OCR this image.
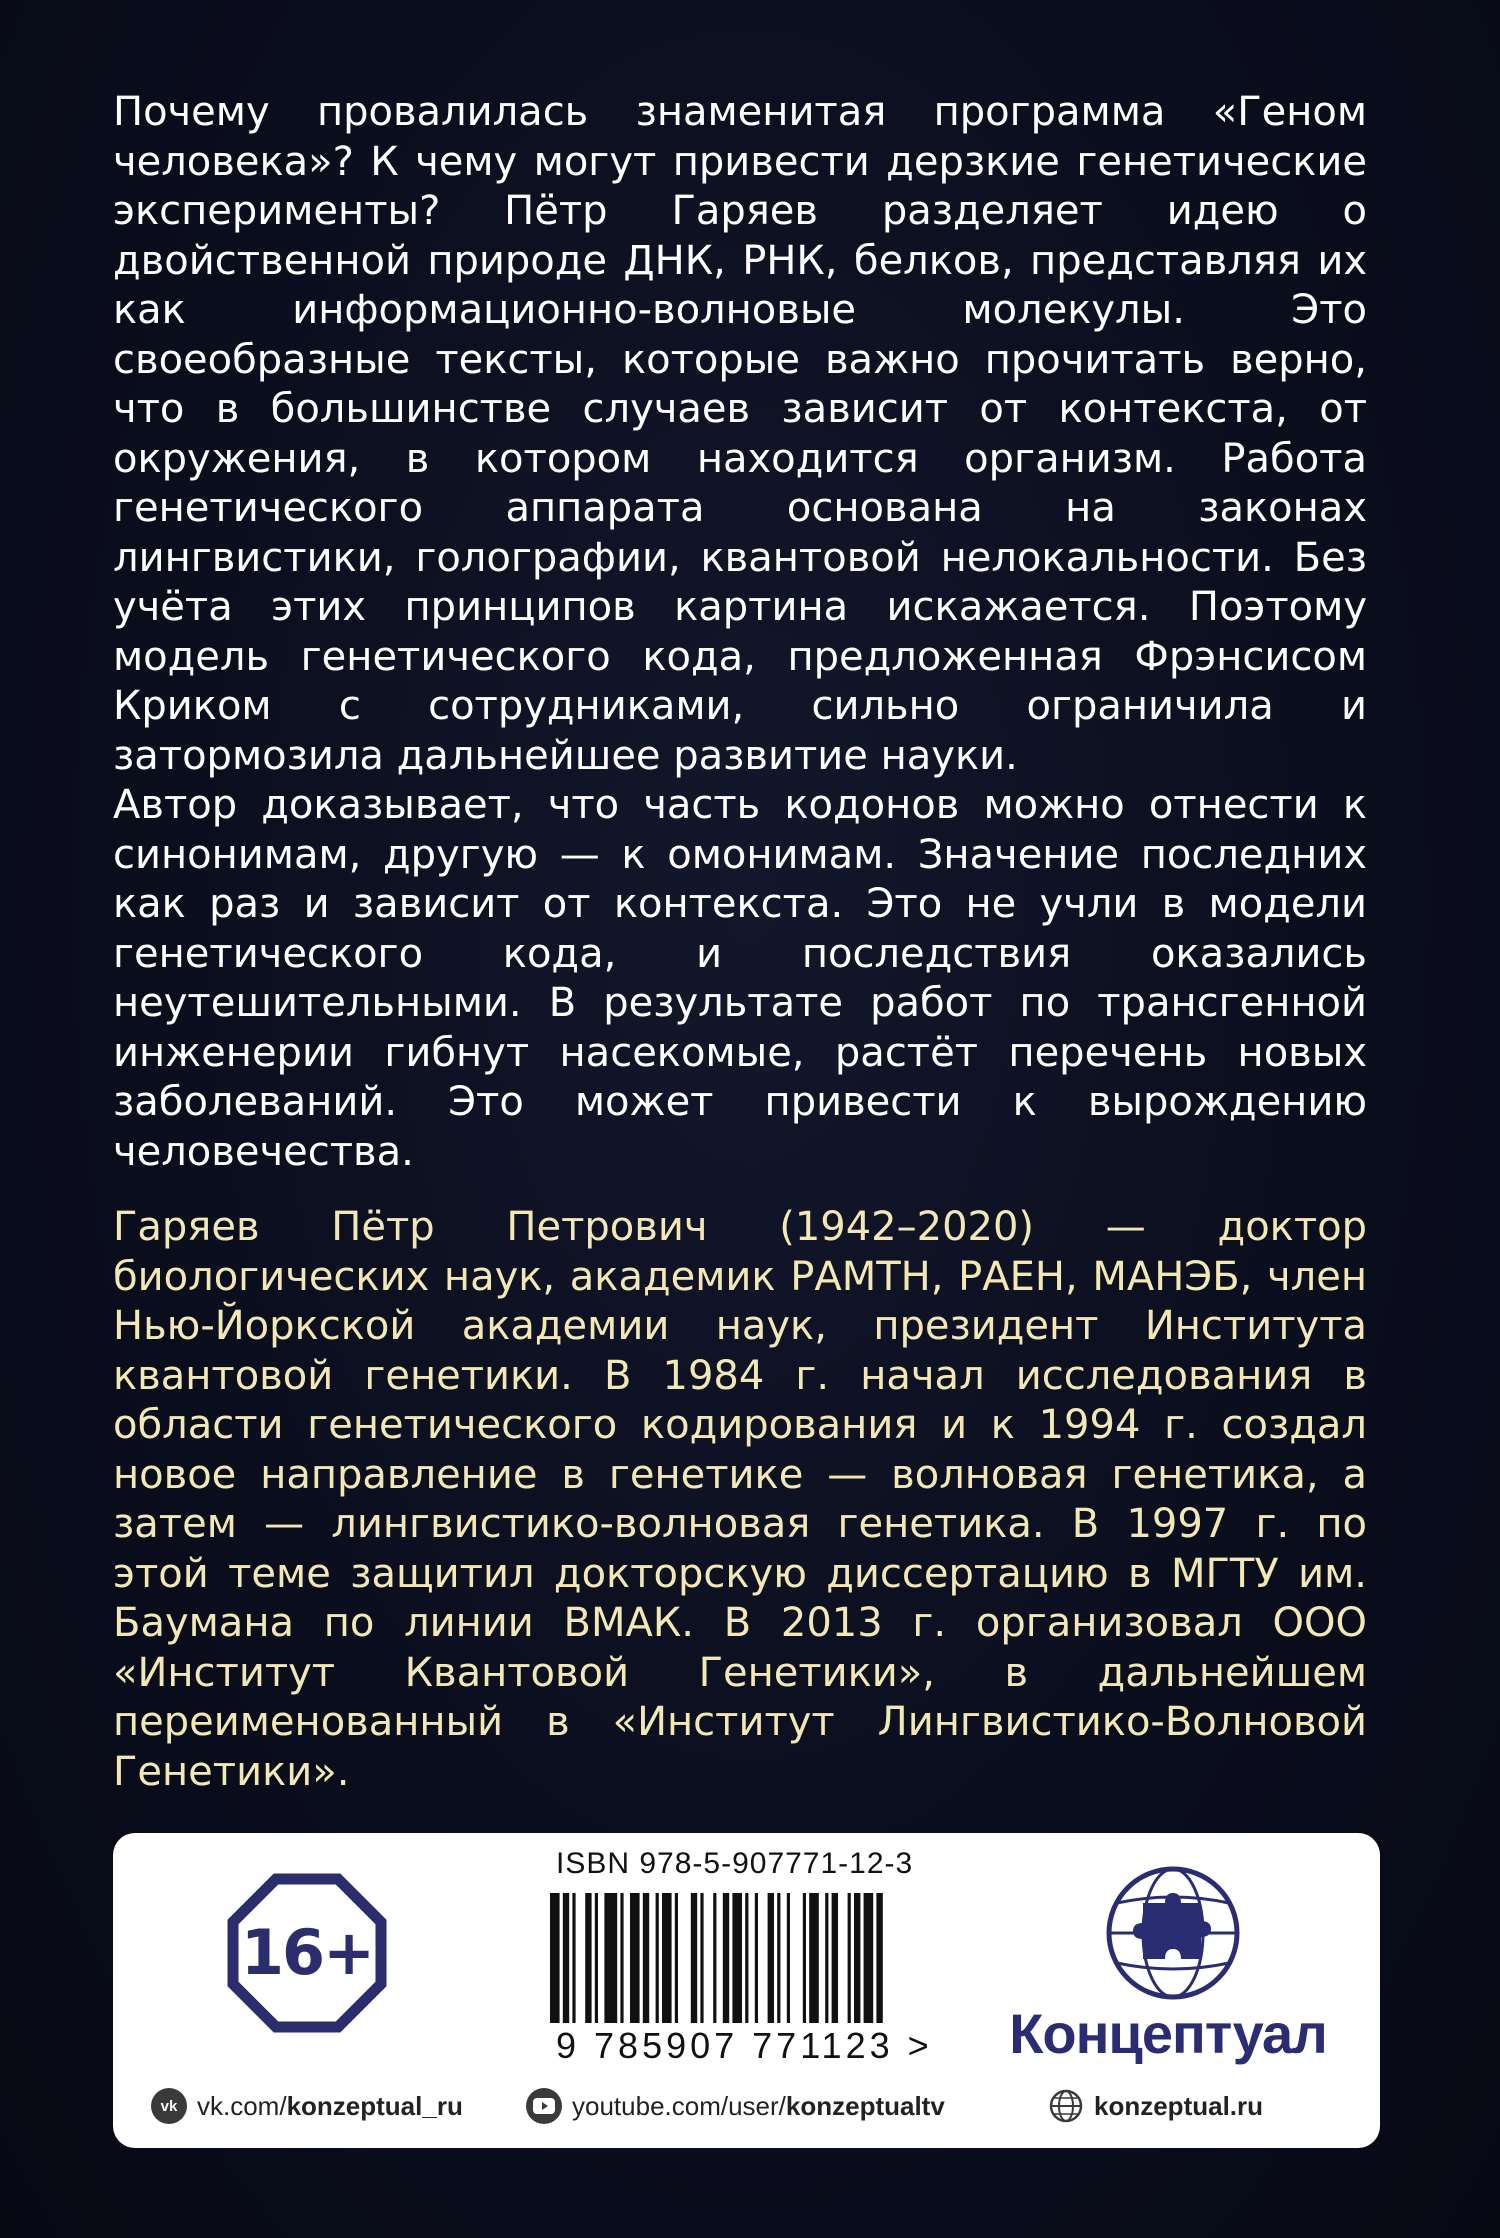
Почему провалилась знаменитая программа «Геном человека»? К чему могут привести дерзкие генетические эксперименты? Пётр Гаряев разделяет идею о двойственной природе ДНК, РНК, белков, представляя их как информационно-волновые молекулы. Это своеобразные тексты, которые важно прочитать верно, что в большинстве случаев зависит от контекста, от окружения, в котором находится организм. Работа генетического аппарата основана на законах лингвистики, голографии, квантовой нелокальности. Без учёта этих принципов картина искажается. Поэтому модель генетического кода, предложенная Фрэнсисом Криком с сотрудниками, сильно ограничила и затормозила дальнейшее развитие науки.

Автор доказывает, что часть кодонов можно отнести к синонимам, другую — к омонимам. Значение последних как раз и зависит от контекста. Это не учли в модели генетического кода, и последствия оказались неутешительными. В результате работ по трансгенной инженерии гибнут насекомые, растёт перечень новых заболеваний. Это может привести к вырождению человечества.

Гаряев Пётр Петрович (1942–2020) — доктор биологических наук, академик РАМТН, РАЕН, МАНЭБ, член Нью-Йоркской академии наук, президент Института квантовой генетики. В 1984 г. начал исследования в области генетического кодирования и к 1994 г. создал новое направление в генетике — волновая генетика, а затем — лингвистико-волновая генетика. В 1997 г. по этой теме защитил докторскую диссертацию в МГТУ им. Баумана по линии ВМАК. В 2013 г. организовал ООО «Институт Квантовой Генетики», в дальнейшем переименованный в «Институт Лингвистико-Волновой Генетики».
16+
ISBN 978-5-907771-12-3
9 785907 771123 > Концептуал
vk vk.com/ konzeptual_ru	youtube.com/user/ konzeptualtv	konzeptual.ru
